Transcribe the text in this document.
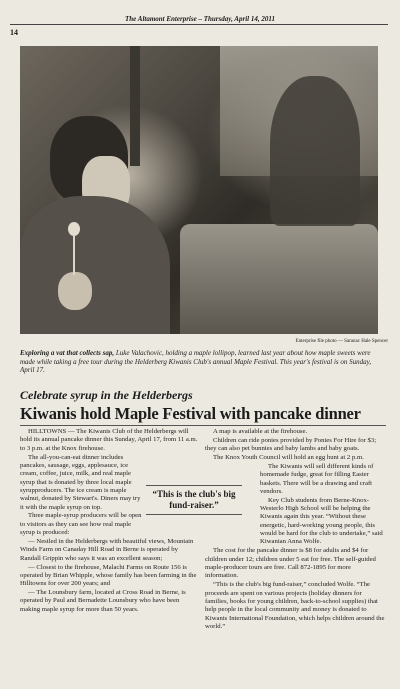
The Altamont Enterprise – Thursday, April 14, 2011
14
Enterprise file photo — Saranac Hale Spencer
Exploring a vat that collects sap, Luke Valachovic, holding a maple lollipop, learned last year about how maple sweets were made while taking a free tour during the Helderberg Kiwanis Club's annual Maple Festival. This year's festival is on Sunday, April 17.
Celebrate syrup in the Helderbergs
Kiwanis hold Maple Festival with pancake dinner

HILLTOWNS — The Kiwanis Club of the Helderbergs will hold its annual pancake dinner this Sunday, April 17, from 11 a.m. to 3 p.m. at the Knox firehouse.

The all-you-can-eat dinner includes pancakes, sausage, eggs, applesauce, ice cream, coffee, juice, milk, and real maple syrup that is donated by three local maple syrupproducers. The ice cream is maple walnut, donated by Stewart's. Diners may try it with the maple syrup on top.

Three maple-syrup producers will be open to visitors as they can see how real maple syrup is produced:

— Nestled in the Helderbergs with beautiful views, Mountain Winds Farm on Canaday Hill Road in Berne is operated by Randall Grippin who says it was an excellent season;

— Closest to the firehouse, Malachi Farms on Route 156 is operated by Brian Whipple, whose family has been farming in the Hilltowns for over 200 years; and

— The Lounsbury farm, located at Cross Road in Berne, is operated by Paul and Bernadette Lounsbury who have been making maple syrup for more than 50 years.

“This is the club's big fund-raiser.”

A map is available at the firehouse.

Children can ride ponies provided by Ponies For Hire for $3; they can also pet bunnies and baby lambs and baby goats.

The Knox Youth Council will hold an egg hunt at 2 p.m.

The Kiwanis will sell different kinds of homemade fudge, great for filling Easter baskets. There will be a drawing and craft vendors.

Key Club students from Berne-Knox-Westerlo High School will be helping the Kiwanis again this year. “Without these energetic, hard-working young people, this would be hard for the club to undertake,” said Kiwanian Anna Wolfe.

The cost for the pancake dinner is $8 for adults and $4 for children under 12; children under 5 eat for free. The self-guided maple-producer tours are free. Call 872-1895 for more information.

“This is the club's big fund-raiser,” concluded Wolfe. “The proceeds are spent on various projects (holiday dinners for families, books for young children, back-to-school supplies) that help people in the local community and money is donated to Kiwanis International Foundation, which helps children around the world.”
